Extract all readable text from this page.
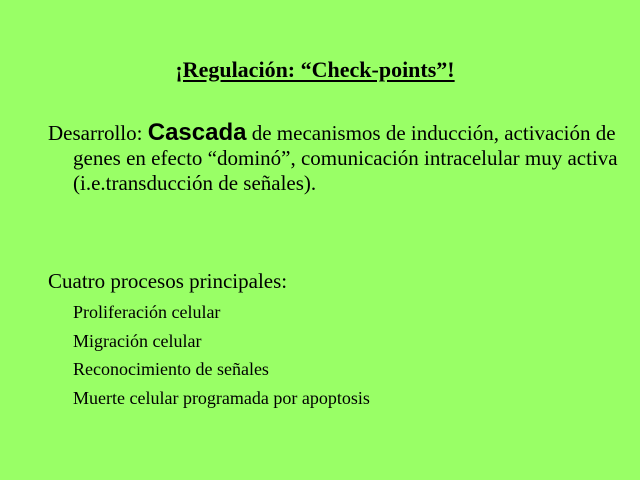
¡Regulación: “Check-points”!
Desarrollo: Cascada de mecanismos de inducción, activación de genes en efecto “dominó”, comunicación intracelular muy activa (i.e.transducción de señales).
Cuatro procesos principales:
Proliferación celular
Migración celular
Reconocimiento de señales
Muerte celular programada por apoptosis
